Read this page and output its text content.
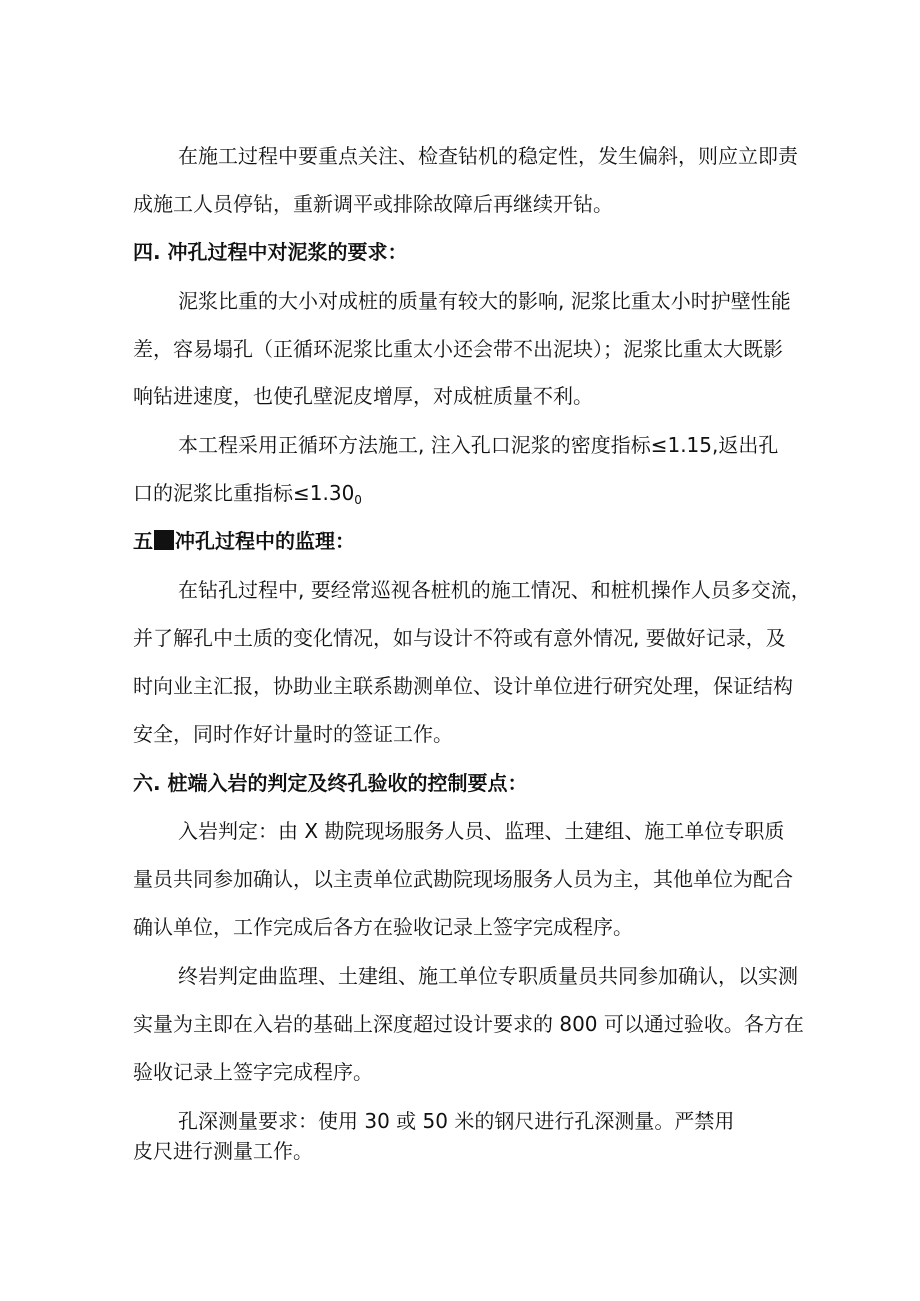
在施工过程中要重点关注、检查钻机的稳定性，发生偏斜，则应立即责
成施工人员停钻，重新调平或排除故障后再继续开钻。
四. 冲孔过程中对泥浆的要求：
泥浆比重的大小对成桩的质量有较大的影响, 泥浆比重太小时护壁性能
差，容易塌孔（正循环泥浆比重太小还会带不出泥块）；泥浆比重太大既影
响钻进速度，也使孔壁泥皮增厚，对成桩质量不利。
本工程采用正循环方法施工, 注入孔口泥浆的密度指标≤1.15,返出孔
口的泥浆比重指标$\le 1.30_0$
五 冲孔过程中的监理：
在钻孔过程中, 要经常巡视各桩机的施工情况、和桩机操作人员多交流，
并了解孔中土质的变化情况，如与设计不符或有意外情况, 要做好记录，及
时向业主汇报，协助业主联系勘测单位、设计单位进行研究处理，保证结构
安全，同时作好计量时的签证工作。
六. 桩端入岩的判定及终孔验收的控制要点：
入岩判定：由 X 勘院现场服务人员、监理、土建组、施工单位专职质
量员共同参加确认，以主责单位武勘院现场服务人员为主，其他单位为配合
确认单位，工作完成后各方在验收记录上签字完成程序。
终岩判定曲监理、土建组、施工单位专职质量员共同参加确认，以实测
实量为主即在入岩的基础上深度超过设计要求的 800 可以通过验收。各方在
验收记录上签字完成程序。
孔深测量要求：使用 30 或 50 米的钢尺进行孔深测量。严禁用
皮尺进行测量工作。
